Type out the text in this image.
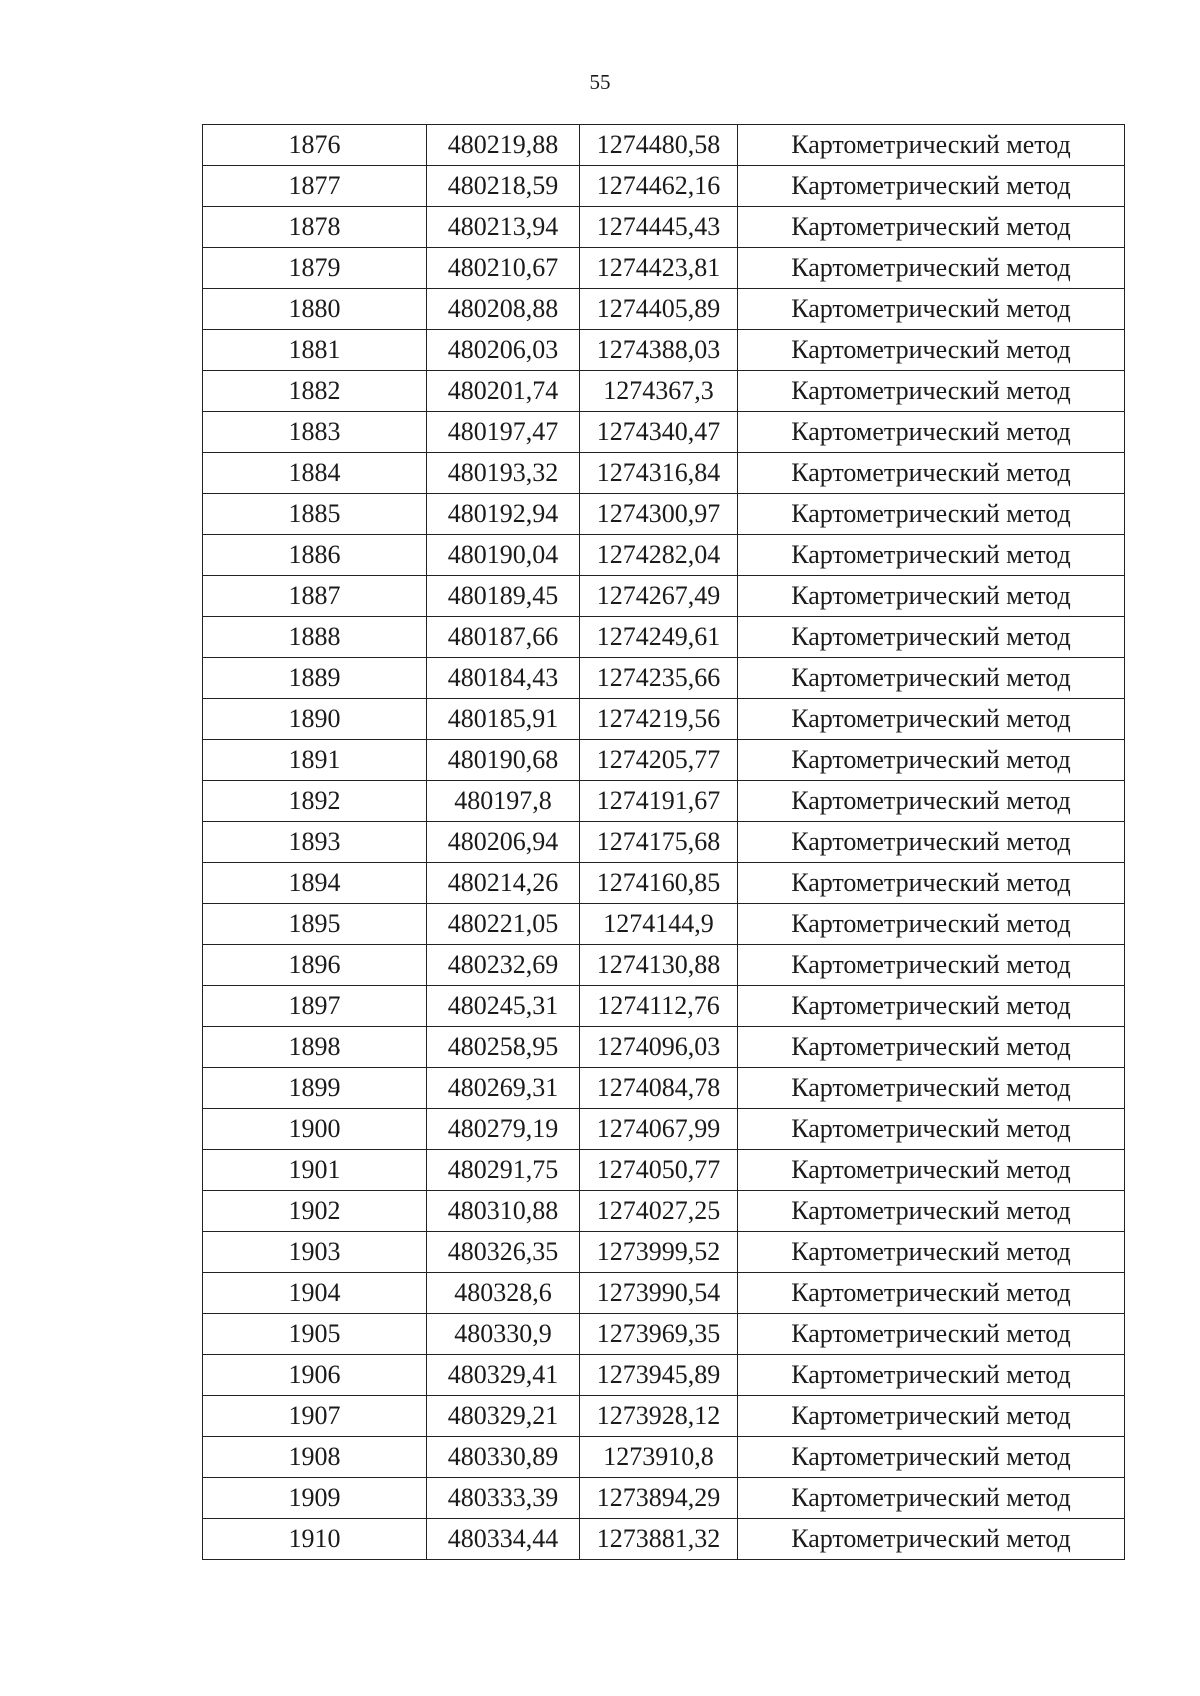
55
1876	480219,88	1274480,58	Картометрический метод
1877	480218,59	1274462,16	Картометрический метод
1878	480213,94	1274445,43	Картометрический метод
1879	480210,67	1274423,81	Картометрический метод
1880	480208,88	1274405,89	Картометрический метод
1881	480206,03	1274388,03	Картометрический метод
1882	480201,74	1274367,3	Картометрический метод
1883	480197,47	1274340,47	Картометрический метод
1884	480193,32	1274316,84	Картометрический метод
1885	480192,94	1274300,97	Картометрический метод
1886	480190,04	1274282,04	Картометрический метод
1887	480189,45	1274267,49	Картометрический метод
1888	480187,66	1274249,61	Картометрический метод
1889	480184,43	1274235,66	Картометрический метод
1890	480185,91	1274219,56	Картометрический метод
1891	480190,68	1274205,77	Картометрический метод
1892	480197,8	1274191,67	Картометрический метод
1893	480206,94	1274175,68	Картометрический метод
1894	480214,26	1274160,85	Картометрический метод
1895	480221,05	1274144,9	Картометрический метод
1896	480232,69	1274130,88	Картометрический метод
1897	480245,31	1274112,76	Картометрический метод
1898	480258,95	1274096,03	Картометрический метод
1899	480269,31	1274084,78	Картометрический метод
1900	480279,19	1274067,99	Картометрический метод
1901	480291,75	1274050,77	Картометрический метод
1902	480310,88	1274027,25	Картометрический метод
1903	480326,35	1273999,52	Картометрический метод
1904	480328,6	1273990,54	Картометрический метод
1905	480330,9	1273969,35	Картометрический метод
1906	480329,41	1273945,89	Картометрический метод
1907	480329,21	1273928,12	Картометрический метод
1908	480330,89	1273910,8	Картометрический метод
1909	480333,39	1273894,29	Картометрический метод
1910	480334,44	1273881,32	Картометрический метод
